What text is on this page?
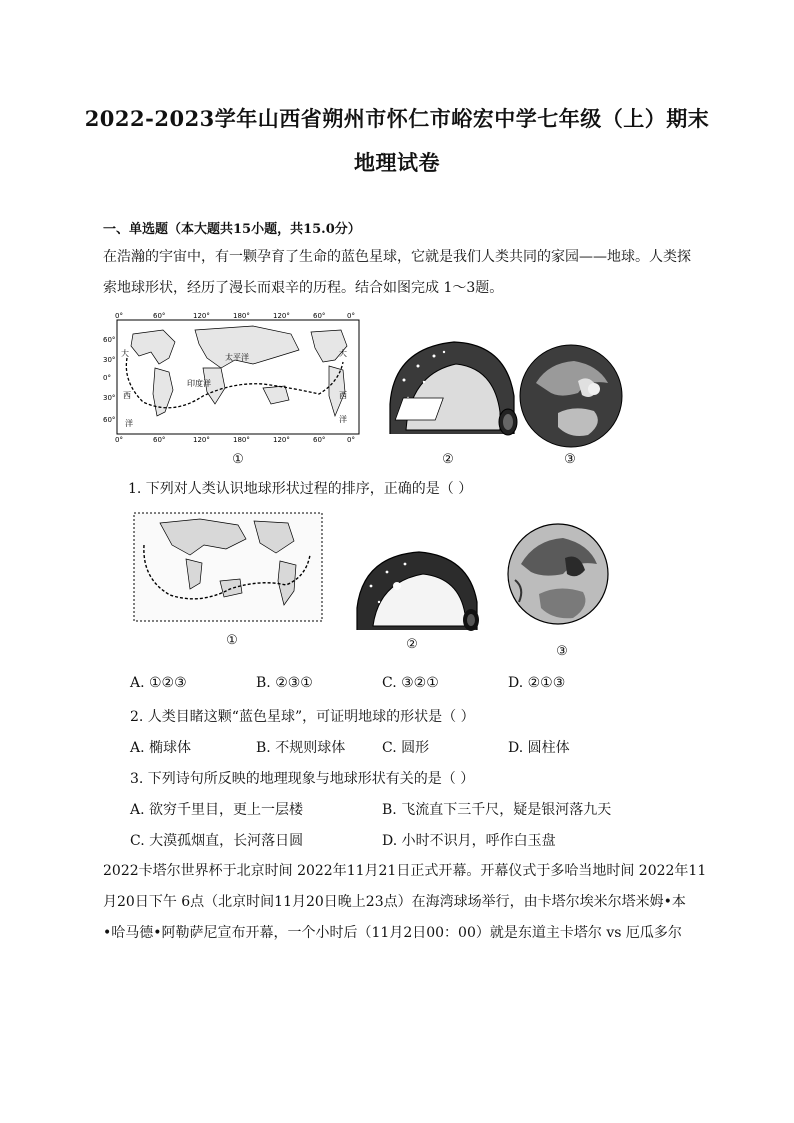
2022-2023学年山西省朔州市怀仁市峪宏中学七年级（上）期末
地理试卷
一、单选题（本大题共15小题，共15.0分）
在浩瀚的宇宙中，有一颗孕育了生命的蓝色星球，它就是我们人类共同的家园——地球。人类探
索地球形状，经历了漫长而艰辛的历程。结合如图完成 1～3题。
太平洋
印度洋
大
西
洋
大
西
洋
0°	60°	120°	180°	120°	60°	0°
0°	60°	120°	180°	120°	60°	0°
60°
30°
0°
30°
60°
①	②	③
1. 下列对人类认识地球形状过程的排序，正确的是（ ）
①	②	③
A. ①②③	B. ②③①	C. ③②①	D. ②①③
2. 人类目睹这颗“蓝色星球”，可证明地球的形状是（ ）
A. 椭球体	B. 不规则球体	C. 圆形	D. 圆柱体
3. 下列诗句所反映的地理现象与地球形状有关的是（ ）
A. 欲穷千里目，更上一层楼	B. 飞流直下三千尺，疑是银河落九天
C. 大漠孤烟直，长河落日圆	D. 小时不识月，呼作白玉盘
2022卡塔尔世界杯于北京时间 2022年11月21日正式开幕。开幕仪式于多哈当地时间 2022年11
月20日下午 6点（北京时间11月20日晚上23点）在海湾球场举行，由卡塔尔埃米尔塔米姆•本
•哈马德•阿勒萨尼宣布开幕，一个小时后（11月2日00：00）就是东道主卡塔尔 vs 厄瓜多尔
